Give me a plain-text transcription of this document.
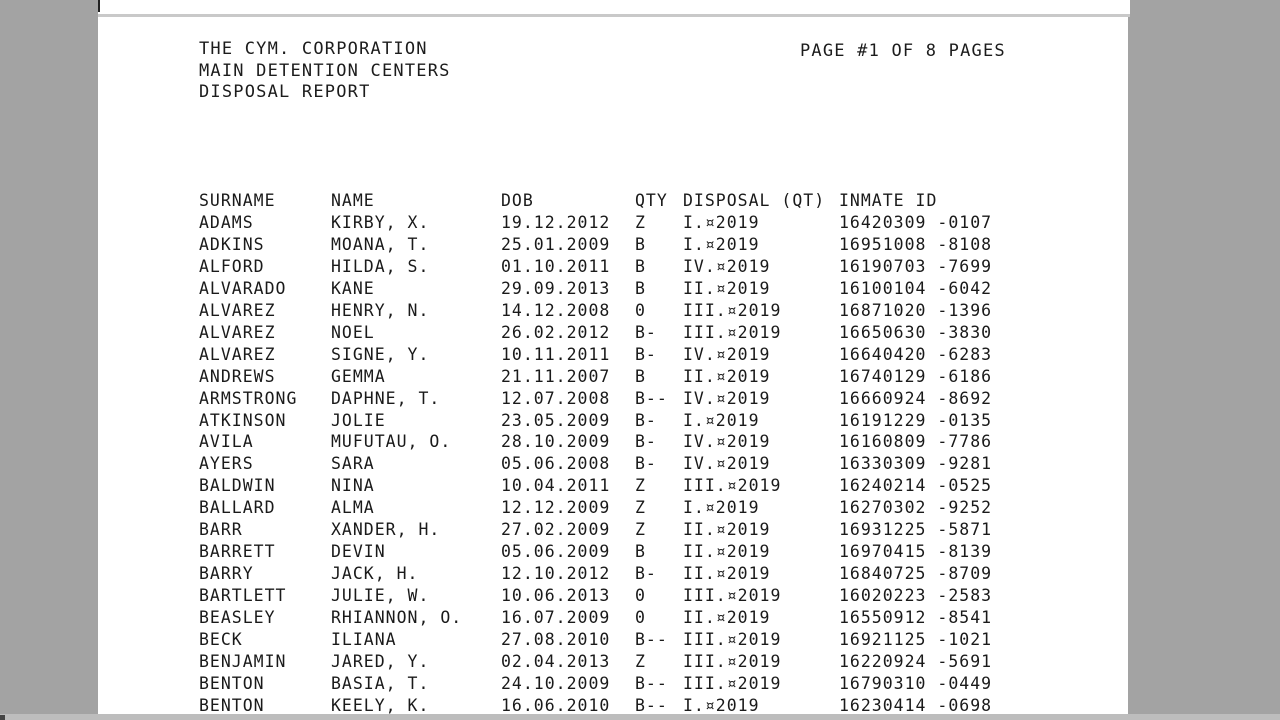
THE CYM. CORPORATION
MAIN DETENTION CENTERS
DISPOSAL REPORT
PAGE #1 OF 8 PAGES
SURNAME	NAME	DOB	QTY	DISPOSAL (QT)	INMATE ID
ADAMS	KIRBY, X.	19.12.2012	Z	I.¤2019	16420309 -0107
ADKINS	MOANA, T.	25.01.2009	B	I.¤2019	16951008 -8108
ALFORD	HILDA, S.	01.10.2011	B	IV.¤2019	16190703 -7699
ALVARADO	KANE	29.09.2013	B	II.¤2019	16100104 -6042
ALVAREZ	HENRY, N.	14.12.2008	0	III.¤2019	16871020 -1396
ALVAREZ	NOEL	26.02.2012	B-	III.¤2019	16650630 -3830
ALVAREZ	SIGNE, Y.	10.11.2011	B-	IV.¤2019	16640420 -6283
ANDREWS	GEMMA	21.11.2007	B	II.¤2019	16740129 -6186
ARMSTRONG	DAPHNE, T.	12.07.2008	B--	IV.¤2019	16660924 -8692
ATKINSON	JOLIE	23.05.2009	B-	I.¤2019	16191229 -0135
AVILA	MUFUTAU, O.	28.10.2009	B-	IV.¤2019	16160809 -7786
AYERS	SARA	05.06.2008	B-	IV.¤2019	16330309 -9281
BALDWIN	NINA	10.04.2011	Z	III.¤2019	16240214 -0525
BALLARD	ALMA	12.12.2009	Z	I.¤2019	16270302 -9252
BARR	XANDER, H.	27.02.2009	Z	II.¤2019	16931225 -5871
BARRETT	DEVIN	05.06.2009	B	II.¤2019	16970415 -8139
BARRY	JACK, H.	12.10.2012	B-	II.¤2019	16840725 -8709
BARTLETT	JULIE, W.	10.06.2013	0	III.¤2019	16020223 -2583
BEASLEY	RHIANNON, O.	16.07.2009	0	II.¤2019	16550912 -8541
BECK	ILIANA	27.08.2010	B--	III.¤2019	16921125 -1021
BENJAMIN	JARED, Y.	02.04.2013	Z	III.¤2019	16220924 -5691
BENTON	BASIA, T.	24.10.2009	B--	III.¤2019	16790310 -0449
BENTON	KEELY, K.	16.06.2010	B--	I.¤2019	16230414 -0698
